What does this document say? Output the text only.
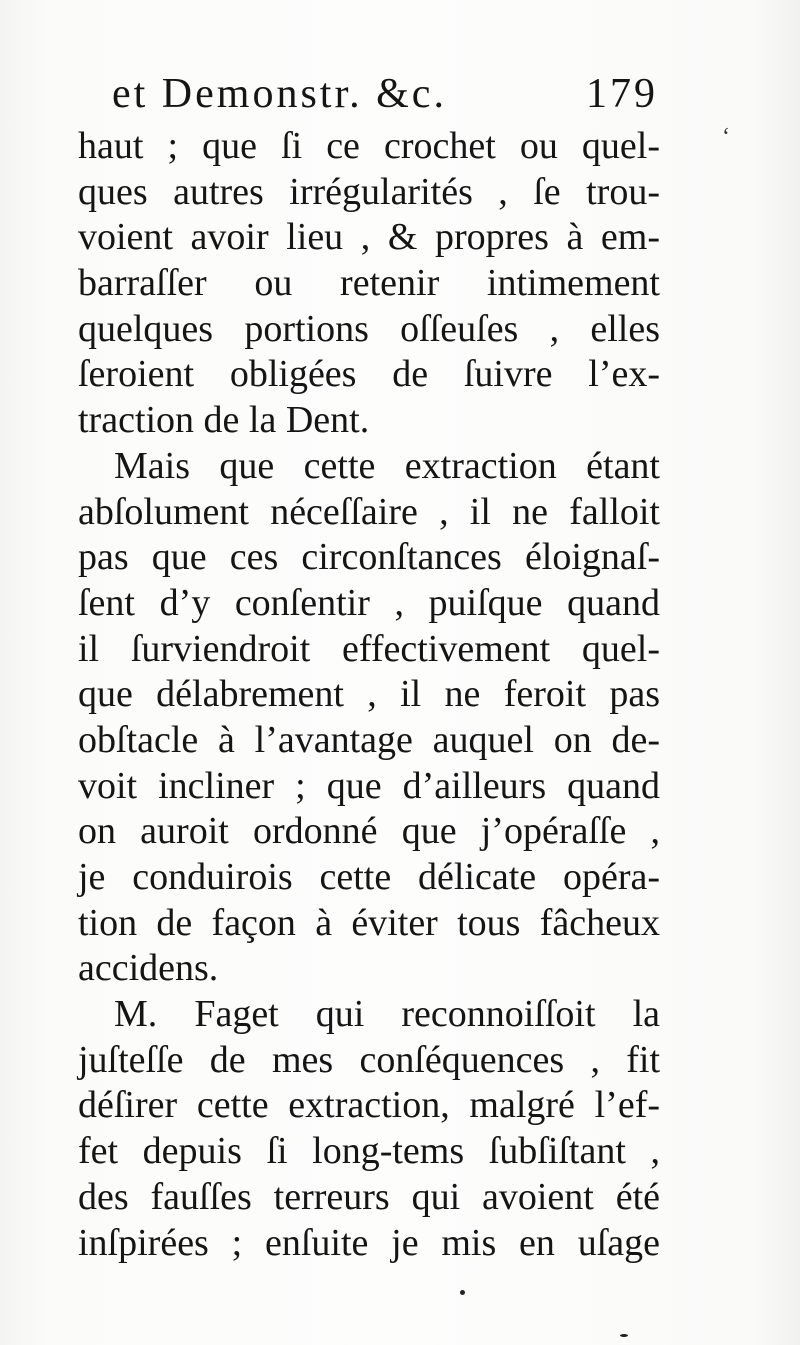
et Demonstr. &c.	179
‘
haut ; que ſi ce crochet ou quel-
ques autres irrégularités , ſe trou-
voient avoir lieu , & propres à em-
barraſſer ou retenir intimement
quelques portions oſſeuſes , elles
ſeroient obligées de ſuivre l’ex-
traction de la Dent.
Mais que cette extraction étant
abſolument néceſſaire , il ne falloit
pas que ces circonſtances éloignaſ-
ſent d’y conſentir , puiſque quand
il ſurviendroit effectivement quel-
que délabrement , il ne feroit pas
obſtacle à l’avantage auquel on de-
voit incliner ; que d’ailleurs quand
on auroit ordonné que j’opéraſſe ,
je conduirois cette délicate opéra-
tion de façon à éviter tous fâcheux
accidens.
M. Faget qui reconnoiſſoit la
juſteſſe de mes conſéquences , fit
déſirer cette extraction, malgré l’ef-
fet depuis ſi long-tems ſubſiſtant ,
des fauſſes terreurs qui avoient été
inſpirées ; enſuite je mis en uſage
